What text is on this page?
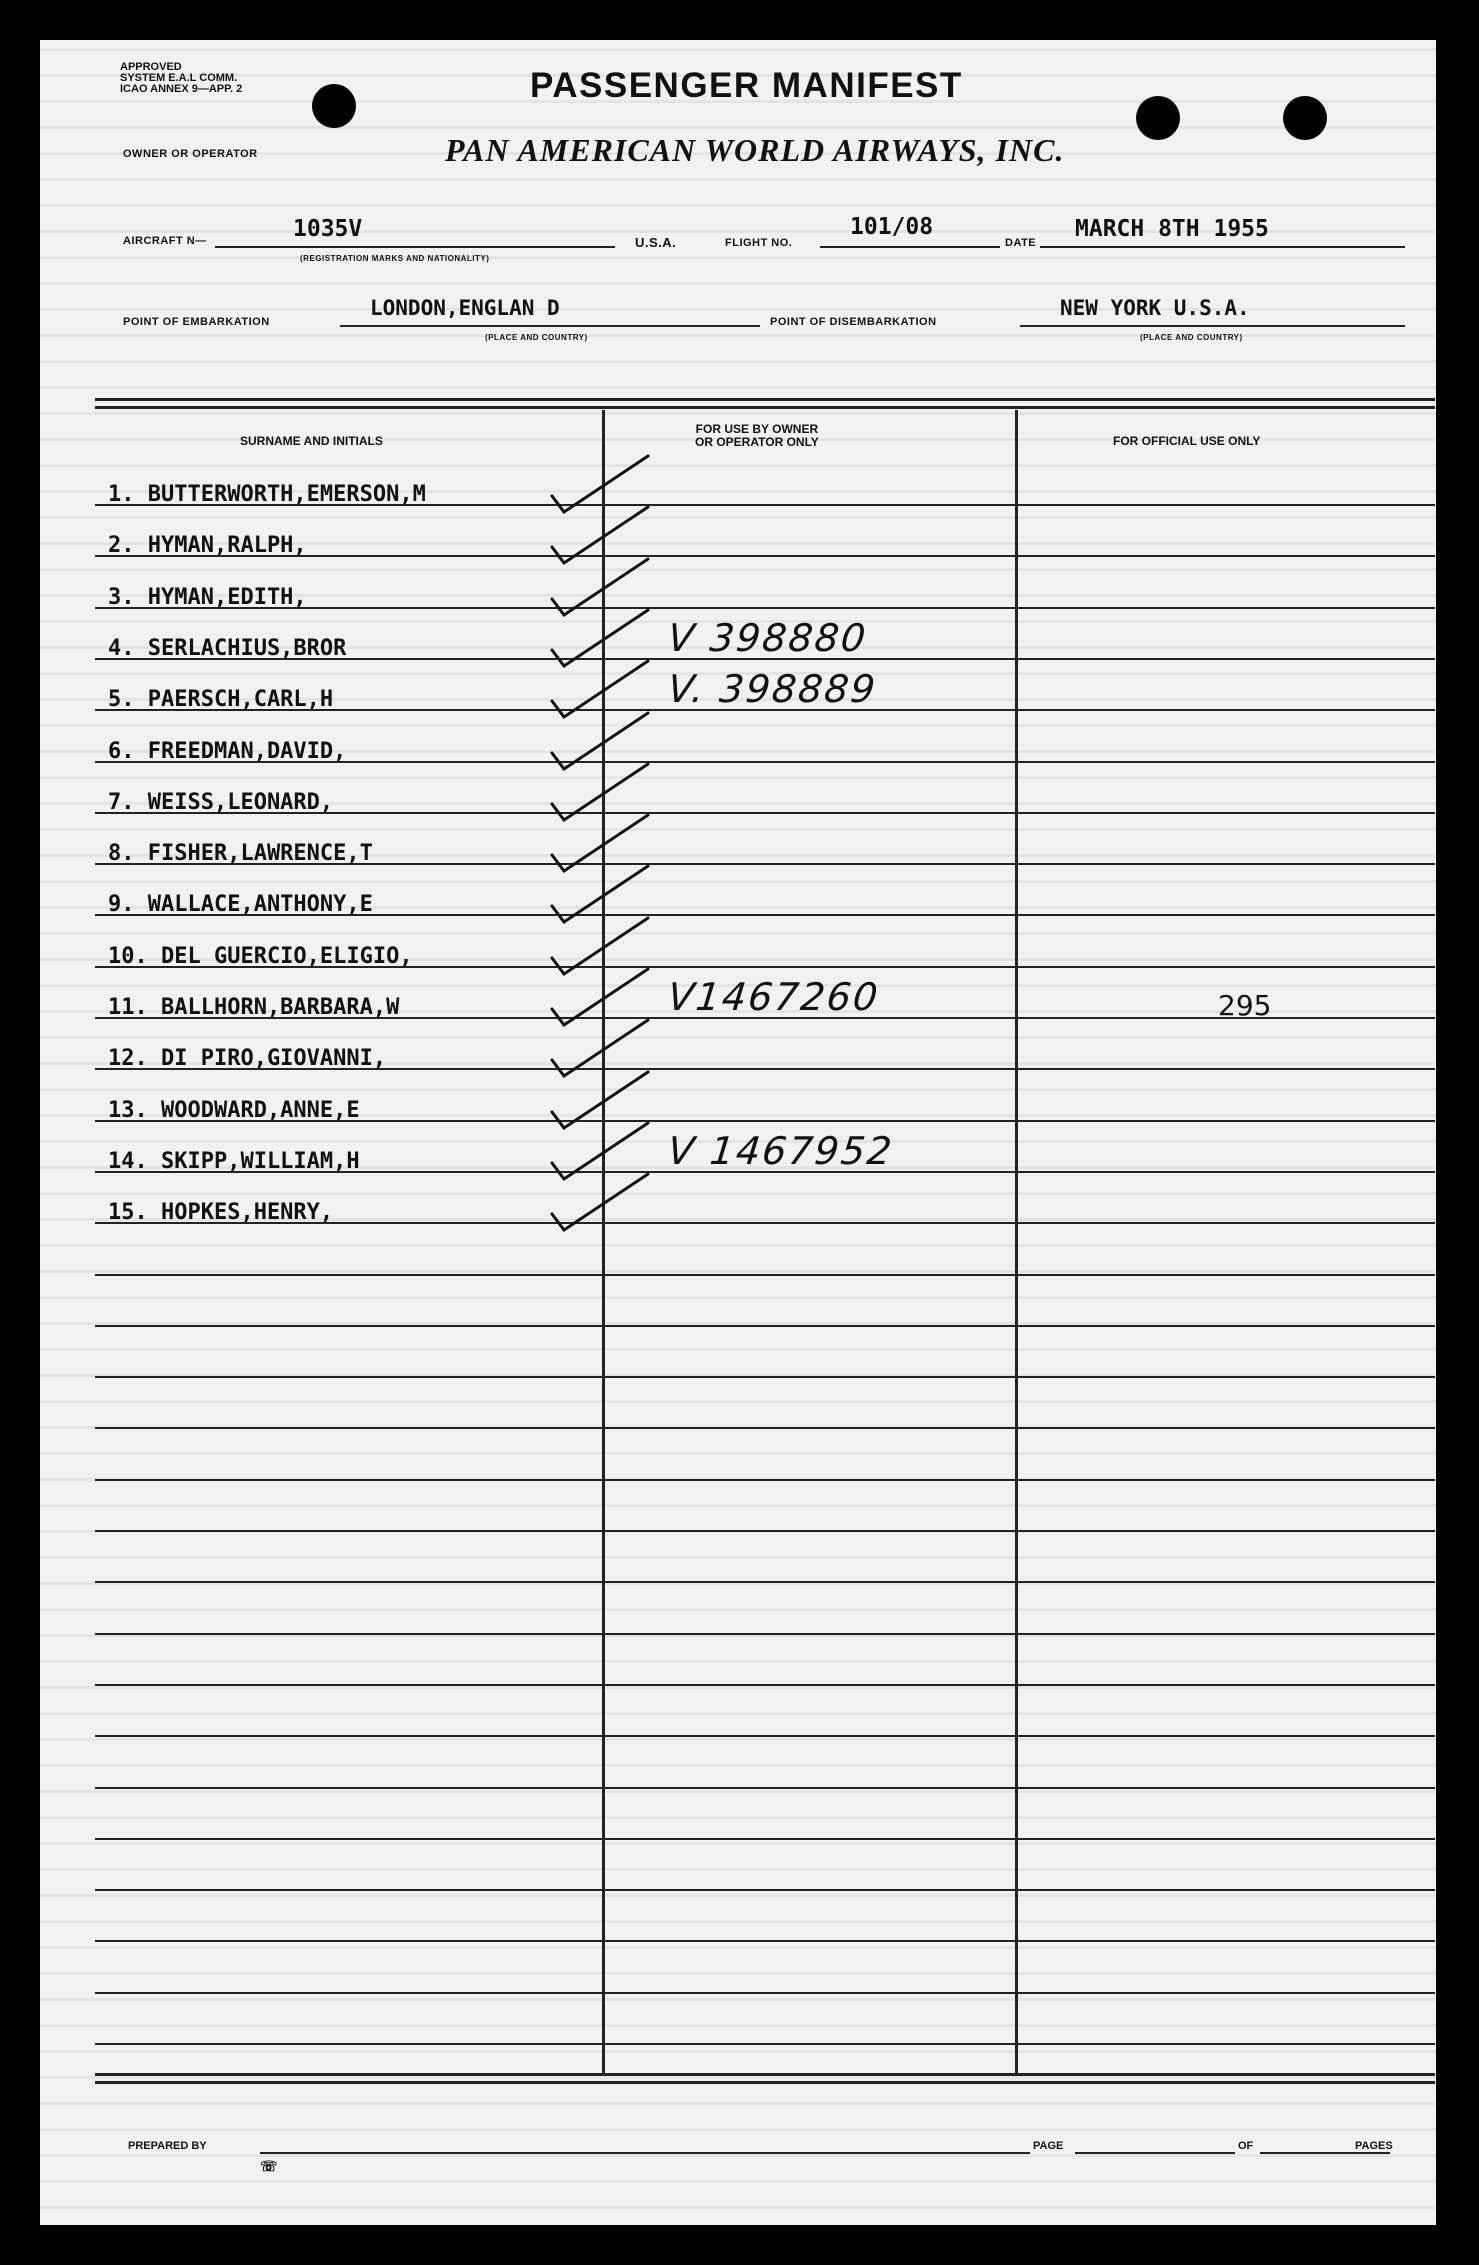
APPROVED
SYSTEM E.A.L COMM.
ICAO ANNEX 9—APP. 2	PASSENGER MANIFEST
OWNER OR OPERATOR	PAN AMERICAN WORLD AIRWAYS, INC.
AIRCRAFT N—	1035V
(REGISTRATION MARKS AND NATIONALITY)
U.S.A.	FLIGHT NO.
101/08
DATE
MARCH 8TH 1955
POINT OF EMBARKATION
LONDON,ENGLAN D
(PLACE AND COUNTRY)
POINT OF DISEMBARKATION
NEW YORK U.S.A.
(PLACE AND COUNTRY)
SURNAME AND INITIALS
FOR USE BY OWNER
OR OPERATOR ONLY	FOR OFFICIAL USE ONLY
1. BUTTERWORTH,EMERSON,M
2. HYMAN,RALPH,
3. HYMAN,EDITH,
4. SERLACHIUS,BROR	V 398880
5. PAERSCH,CARL,H	V. 398889
6. FREEDMAN,DAVID,
7. WEISS,LEONARD,
8. FISHER,LAWRENCE,T
9. WALLACE,ANTHONY,E
10. DEL GUERCIO,ELIGIO,
11. BALLHORN,BARBARA,W	V1467260	295
12. DI PIRO,GIOVANNI,
13. WOODWARD,ANNE,E
14. SKIPP,WILLIAM,H	V 1467952
15. HOPKES,HENRY,
PREPARED BY	PAGE	OF	PAGES
☏
